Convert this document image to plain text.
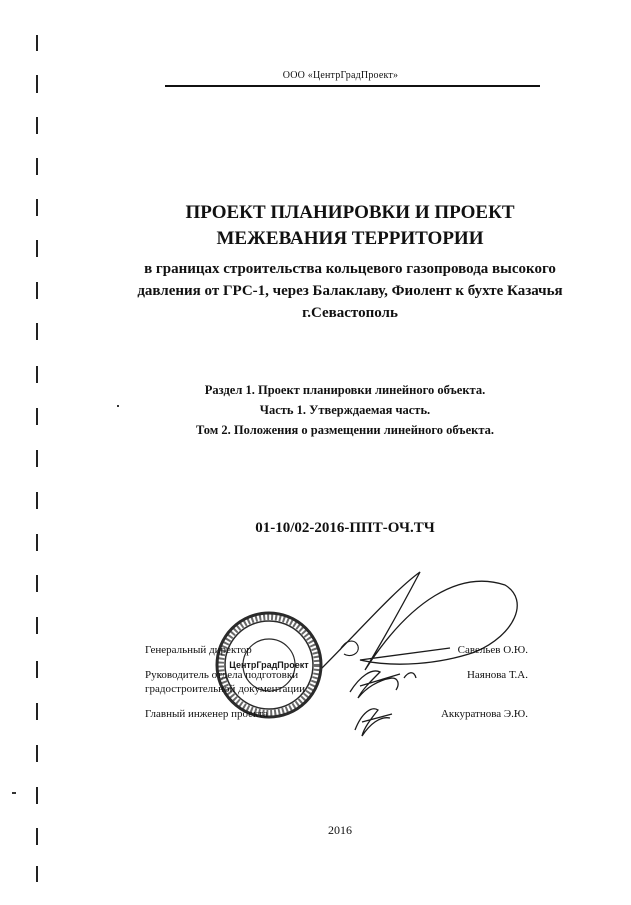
ООО «ЦентрГрадПроект»
ПРОЕКТ ПЛАНИРОВКИ И ПРОЕКТ
МЕЖЕВАНИЯ ТЕРРИТОРИИ
в границах строительства кольцевого газопровода высокого
давления от ГРС-1, через Балаклаву, Фиолент к бухте Казачья
г.Севастополь
Раздел 1. Проект планировки линейного объекта.
Часть 1. Утверждаемая часть.
Том 2. Положения о размещении линейного объекта.
01-10/02-2016-ППТ-ОЧ.ТЧ
ЦентрГрадПроект
Генеральный директор	Савельев О.Ю.
Руководитель отдела подготовки градостроительной документации
Наянова Т.А.
Главный инженер проекта	Аккуратнова Э.Ю.
2016
